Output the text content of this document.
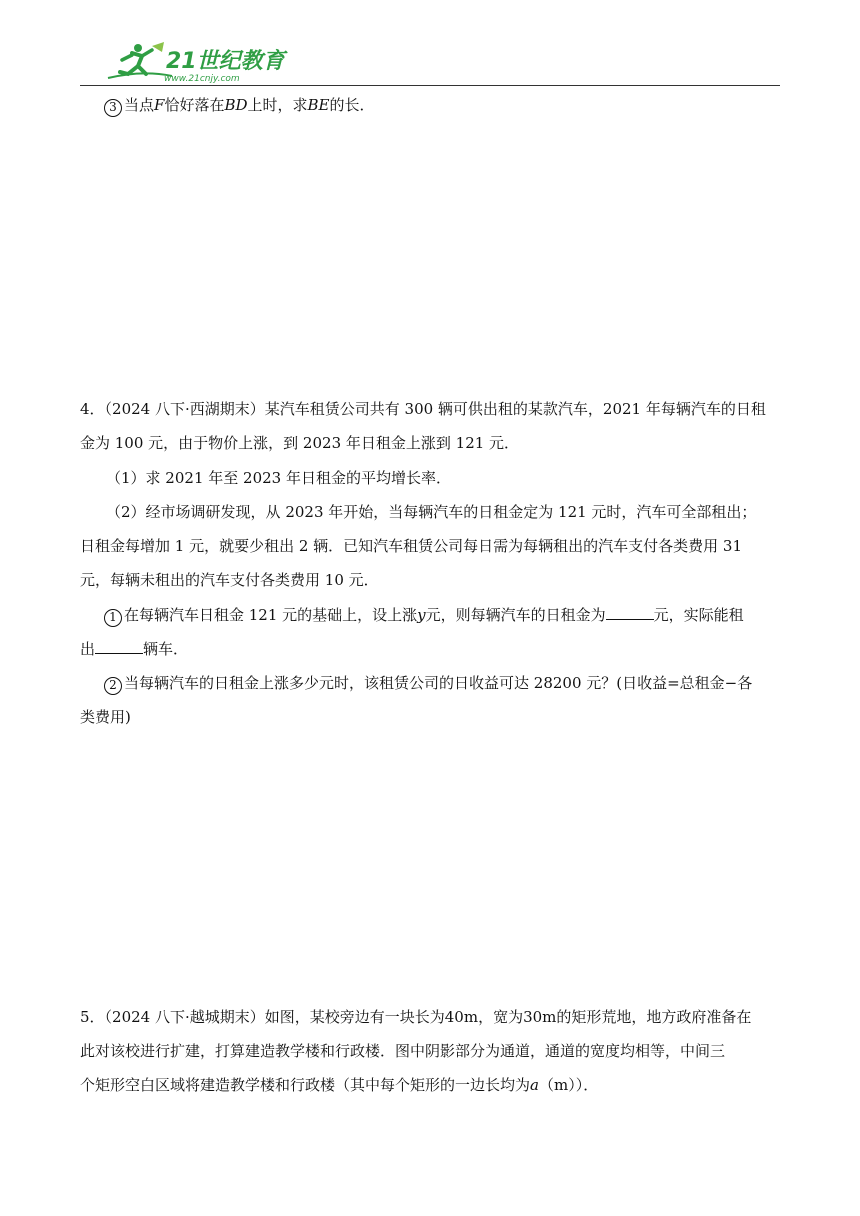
21世纪教育
www.21cnjy.com
3 当点F恰好落在BD上时，求BE的长．
4．（2024 八下·西湖期末）某汽车租赁公司共有 300 辆可供出租的某款汽车，2021 年每辆汽车的日租
金为 100 元，由于物价上涨，到 2023 年日租金上涨到 121 元．
（1）求 2021 年至 2023 年日租金的平均增长率．
（2）经市场调研发现，从 2023 年开始，当每辆汽车的日租金定为 121 元时，汽车可全部租出；
日租金每增加 1 元，就要少租出 2 辆．已知汽车租赁公司每日需为每辆租出的汽车支付各类费用 31
元，每辆未租出的汽车支付各类费用 10 元．
1 在每辆汽车日租金 121 元的基础上，设上涨y元，则每辆汽车的日租金为	元，实际能租
出	辆车．
2 当每辆汽车的日租金上涨多少元时，该租赁公司的日收益可达 28200 元？(日收益=总租金−各
类费用)
5．（2024 八下·越城期末）如图，某校旁边有一块长为40m，宽为30m的矩形荒地，地方政府准备在
此对该校进行扩建，打算建造教学楼和行政楼．图中阴影部分为通道，通道的宽度均相等，中间三
个矩形空白区域将建造教学楼和行政楼（其中每个矩形的一边长均为a（m））．
